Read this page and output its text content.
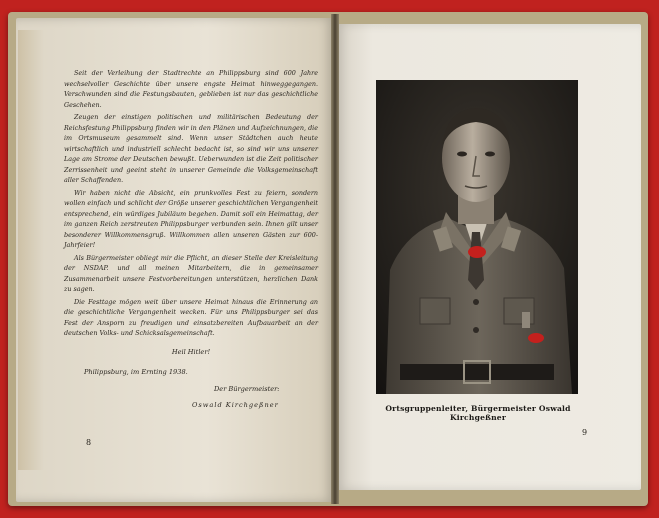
Seit der Verleihung der Stadtrechte an Philippsburg sind 600 Jahre wechselvoller Geschichte über unsere engste Heimat hinweggegangen. Verschwunden sind die Festungsbauten, geblieben ist nur das geschichtliche Geschehen.

Zeugen der einstigen politischen und militärischen Bedeutung der Reichsfestung Philippsburg finden wir in den Plänen und Aufzeichnungen, die im Ortsmuseum gesammelt sind. Wenn unser Städtchen auch heute wirtschaftlich und industriell schlecht bedacht ist, so sind wir uns unserer Lage am Strome der Deutschen bewußt. Ueberwunden ist die Zeit politischer Zerrissenheit und geeint steht in unserer Gemeinde die Volksgemeinschaft aller Schaffenden.

Wir haben nicht die Absicht, ein prunkvolles Fest zu feiern, sondern wollen einfach und schlicht der Größe unserer geschichtlichen Vergangenheit entsprechend, ein würdiges Jubiläum begehen. Damit soll ein Heimattag, der im ganzen Reich zerstreuten Philippsburger verbunden sein. Ihnen gilt unser besonderer Willkommensgruß. Willkommen allen unseren Gästen zur 600-Jahrfeier!

Als Bürgermeister obliegt mir die Pflicht, an dieser Stelle der Kreisleitung der NSDAP. und all meinen Mitarbeitern, die in gemeinsamer Zusammenarbeit unsere Festvorbereitungen unterstützen, herzlichen Dank zu sagen.

Die Festtage mögen weit über unsere Heimat hinaus die Erinnerung an die geschichtliche Vergangenheit wecken. Für uns Philippsburger sei das Fest der Ansporn zu freudigen und einsatzbereiten Aufbauarbeit an der deutschen Volks- und Schicksalsgemeinschaft.

Heil Hitler!
Philippsburg, im Ernting 1938.
Der Bürgermeister:
Oswald Kirchgeßner
8
Ortsgruppenleiter, Bürgermeister Oswald Kirchgeßner
9
